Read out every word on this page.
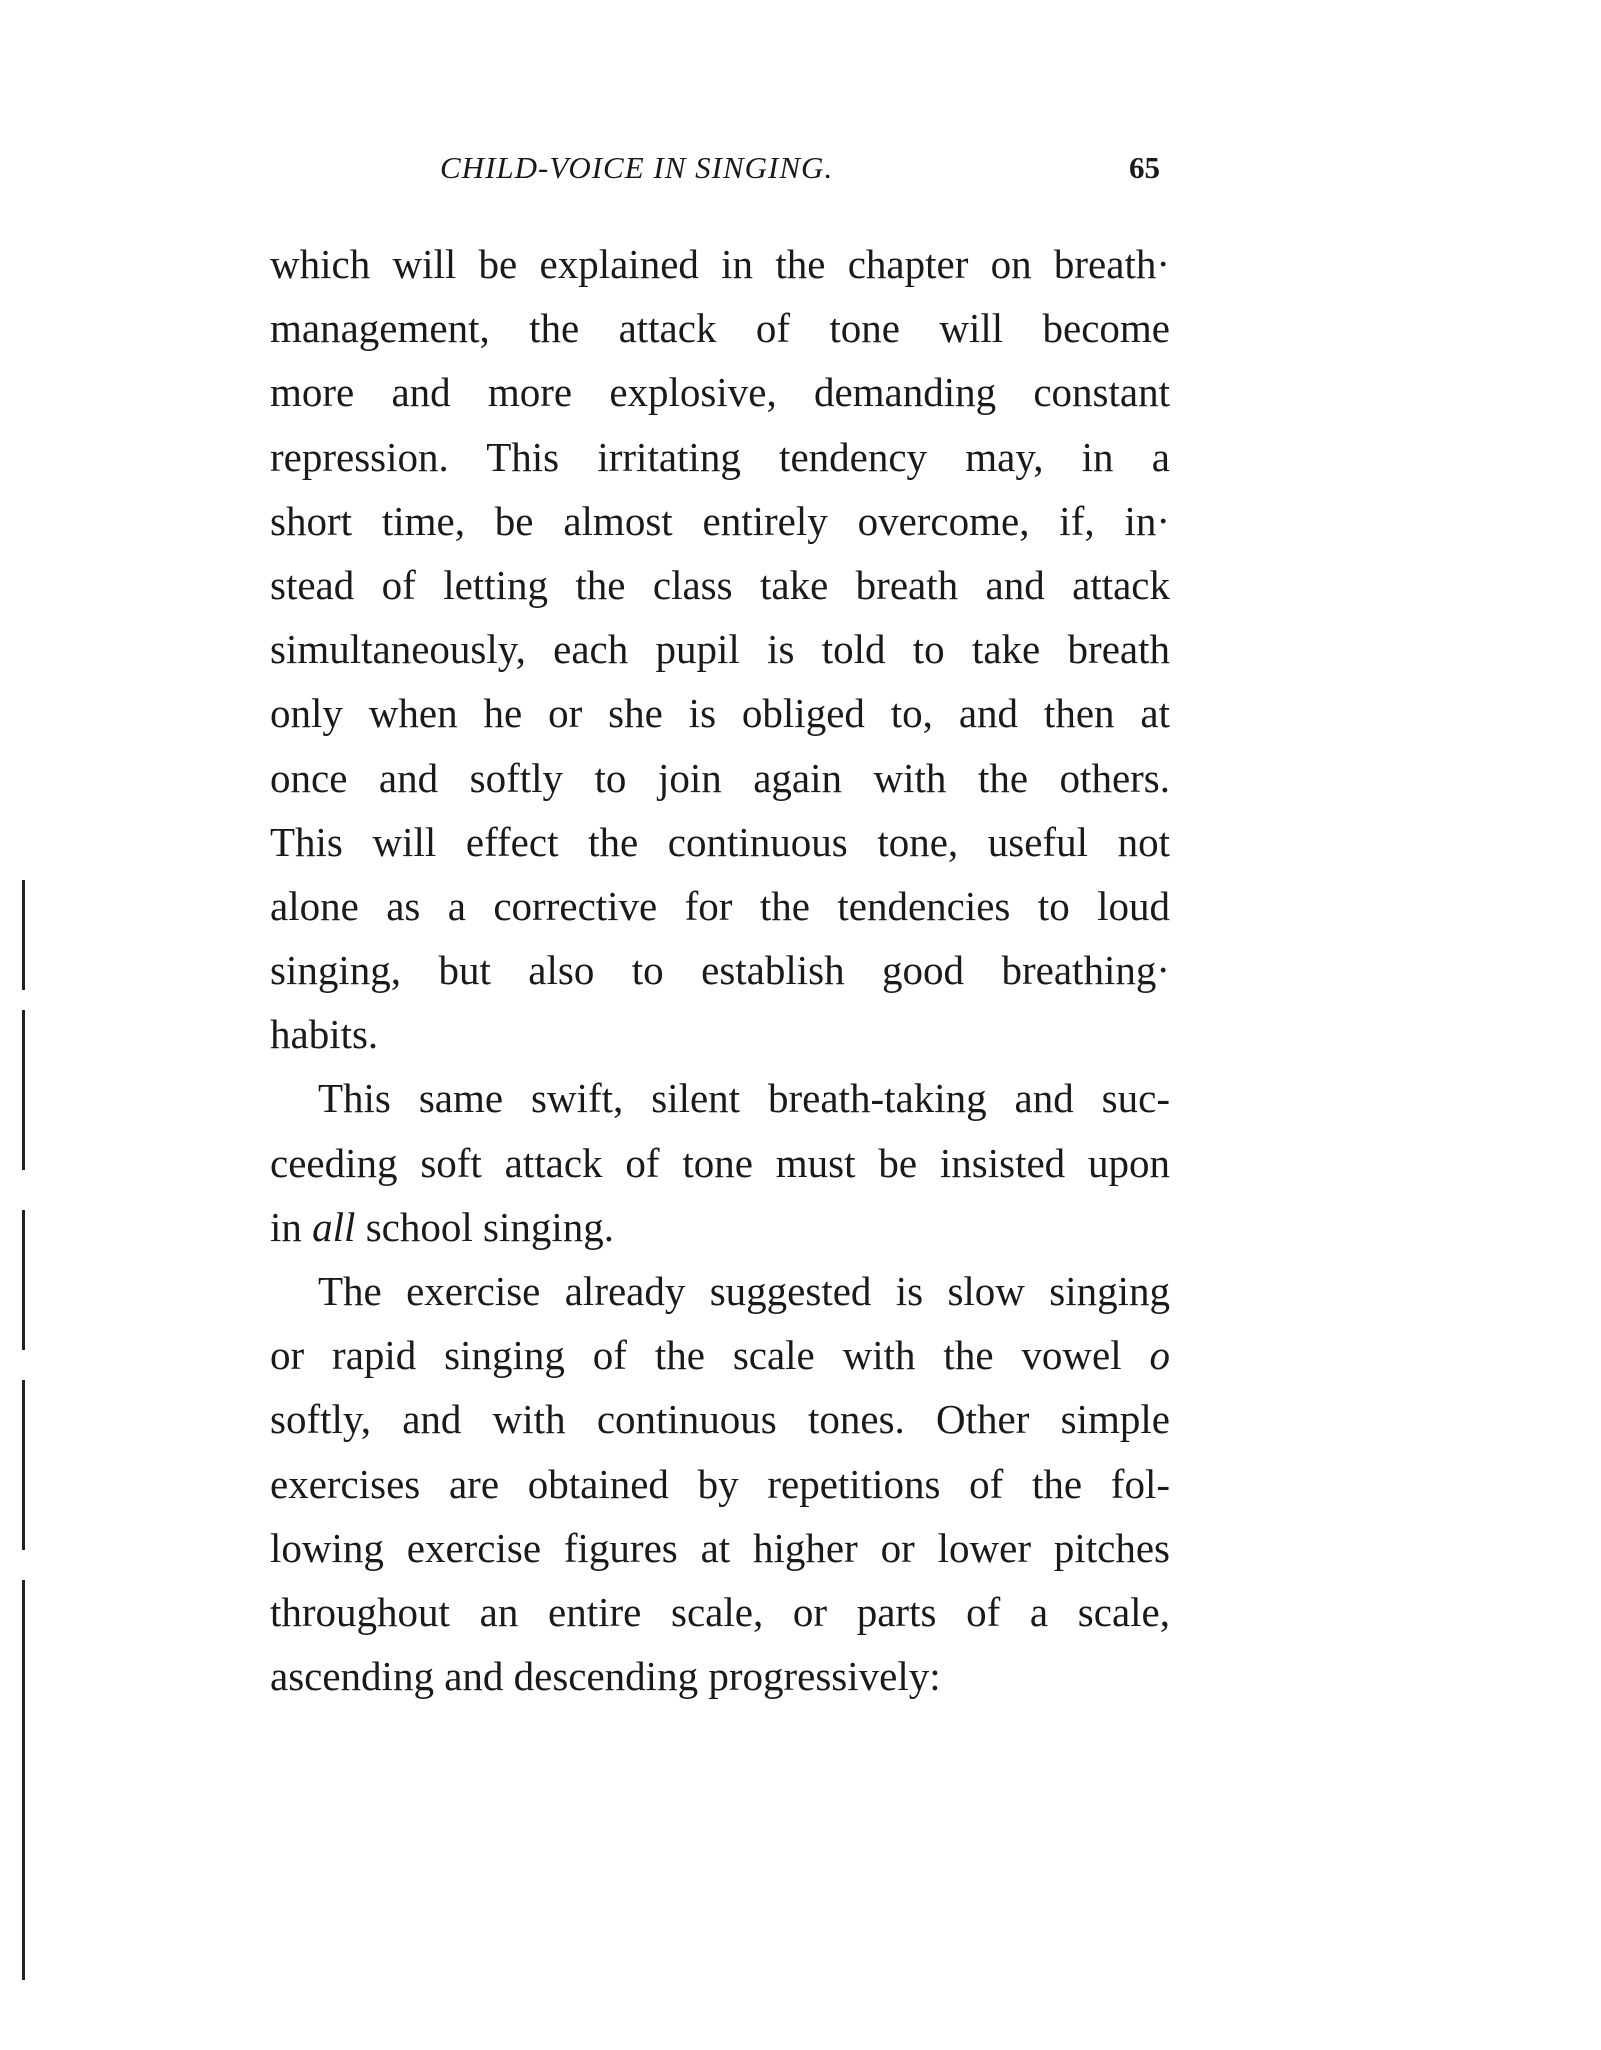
CHILD-VOICE IN SINGING.	65
which will be explained in the chapter on breath·
management, the attack of tone will become
more and more explosive, demanding constant
repression. This irritating tendency may, in a
short time, be almost entirely overcome, if, in·
stead of letting the class take breath and attack
simultaneously, each pupil is told to take breath
only when he or she is obliged to, and then at
once and softly to join again with the others.
This will effect the continuous tone, useful not
alone as a corrective for the tendencies to loud
singing, but also to establish good breathing·
habits.
This same swift, silent breath-taking and suc-
ceeding soft attack of tone must be insisted upon
in all school singing.
The exercise already suggested is slow singing
or rapid singing of the scale with the vowel o
softly, and with continuous tones. Other simple
exercises are obtained by repetitions of the fol-
lowing exercise figures at higher or lower pitches
throughout an entire scale, or parts of a scale,
ascending and descending progressively:
